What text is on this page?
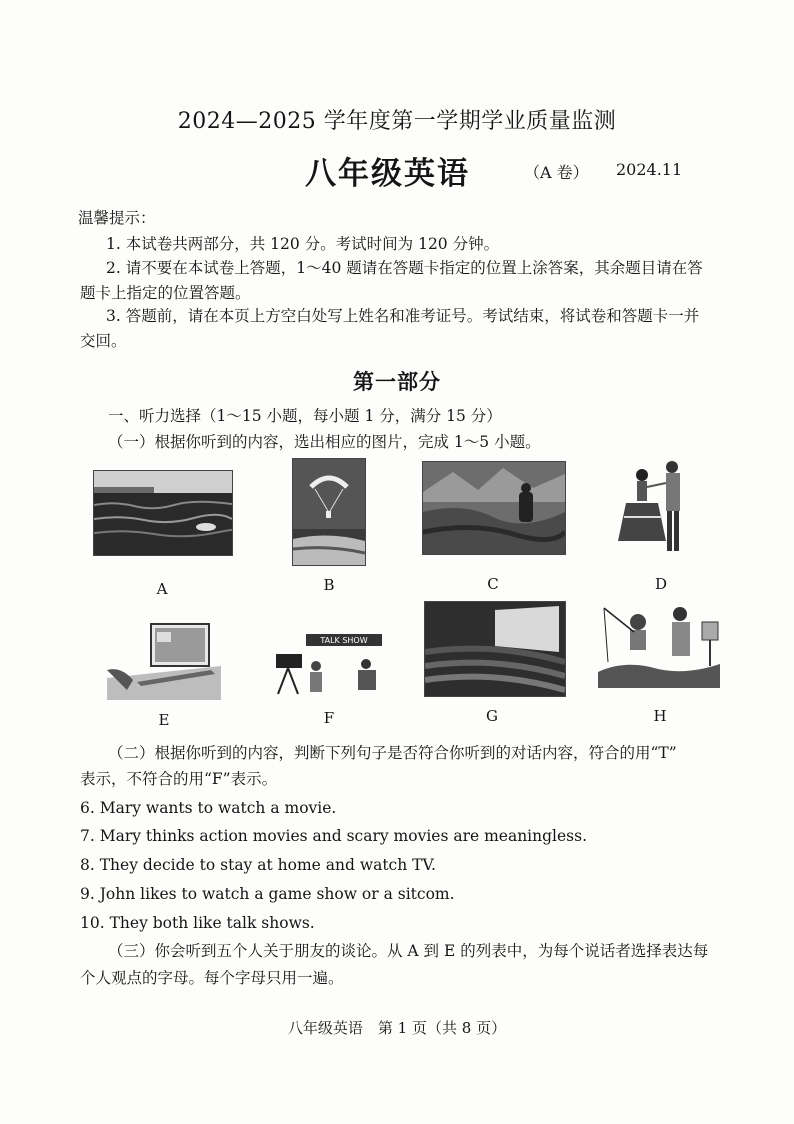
2024—2025 学年度第一学期学业质量监测
八年级英语	（A 卷） 2024.11
温馨提示：
1. 本试卷共两部分，共 120 分。考试时间为 120 分钟。
2. 请不要在本试卷上答题，1～40 题请在答题卡指定的位置上涂答案，其余题目请在答
题卡上指定的位置答题。
3. 答题前，请在本页上方空白处写上姓名和准考证号。考试结束，将试卷和答题卡一并
交回。
第一部分
一、听力选择（1～15 小题，每小题 1 分，满分 15 分）
（一）根据你听到的内容，选出相应的图片，完成 1～5 小题。
A	B	C	D
E
TALK SHOW
F	G	H
（二）根据你听到的内容，判断下列句子是否符合你听到的对话内容，符合的用“T”
表示，不符合的用“F”表示。
6. Mary wants to watch a movie.
7. Mary thinks action movies and scary movies are meaningless.
8. They decide to stay at home and watch TV.
9. John likes to watch a game show or a sitcom.
10. They both like talk shows.
（三）你会听到五个人关于朋友的谈论。从 A 到 E 的列表中，为每个说话者选择表达每
个人观点的字母。每个字母只用一遍。
八年级英语　第 1 页（共 8 页）
